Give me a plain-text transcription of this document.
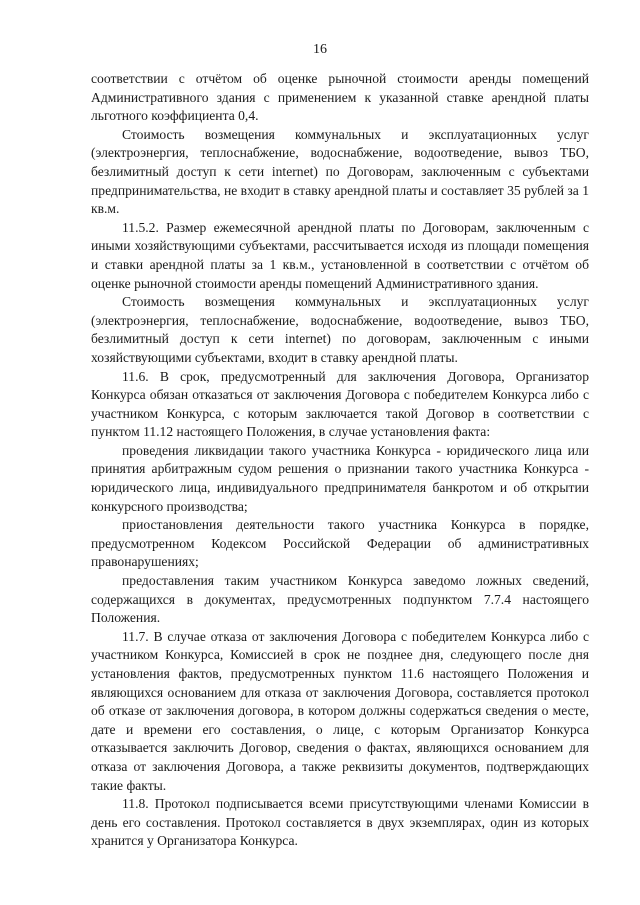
16

соответствии с отчётом об оценке рыночной стоимости аренды помещений Административного здания с применением к указанной ставке арендной платы льготного коэффициента 0,4.

Стоимость возмещения коммунальных и эксплуатационных услуг (электроэнергия, теплоснабжение, водоснабжение, водоотведение, вывоз ТБО, безлимитный доступ к сети internet) по Договорам, заключенным с субъектами предпринимательства, не входит в ставку арендной платы и составляет 35 рублей за 1 кв.м.

11.5.2. Размер ежемесячной арендной платы по Договорам, заключенным с иными хозяйствующими субъектами, рассчитывается исходя из площади помещения и ставки арендной платы за 1 кв.м., установленной в соответствии с отчётом об оценке рыночной стоимости аренды помещений Административного здания.

Стоимость возмещения коммунальных и эксплуатационных услуг (электроэнергия, теплоснабжение, водоснабжение, водоотведение, вывоз ТБО, безлимитный доступ к сети internet) по договорам, заключенным с иными хозяйствующими субъектами, входит в ставку арендной платы.

11.6. В срок, предусмотренный для заключения Договора, Организатор Конкурса обязан отказаться от заключения Договора с победителем Конкурса либо с участником Конкурса, с которым заключается такой Договор в соответствии с пунктом 11.12 настоящего Положения, в случае установления факта:

проведения ликвидации такого участника Конкурса - юридического лица или принятия арбитражным судом решения о признании такого участника Конкурса - юридического лица, индивидуального предпринимателя банкротом и об открытии конкурсного производства;

приостановления деятельности такого участника Конкурса в порядке, предусмотренном Кодексом Российской Федерации об административных правонарушениях;

предоставления таким участником Конкурса заведомо ложных сведений, содержащихся в документах, предусмотренных подпунктом 7.7.4 настоящего Положения.

11.7. В случае отказа от заключения Договора с победителем Конкурса либо с участником Конкурса, Комиссией в срок не позднее дня, следующего после дня установления фактов, предусмотренных пунктом 11.6 настоящего Положения и являющихся основанием для отказа от заключения Договора, составляется протокол об отказе от заключения договора, в котором должны содержаться сведения о месте, дате и времени его составления, о лице, с которым Организатор Конкурса отказывается заключить Договор, сведения о фактах, являющихся основанием для отказа от заключения Договора, а также реквизиты документов, подтверждающих такие факты.

11.8. Протокол подписывается всеми присутствующими членами Комиссии в день его составления. Протокол составляется в двух экземплярах, один из которых хранится у Организатора Конкурса.
